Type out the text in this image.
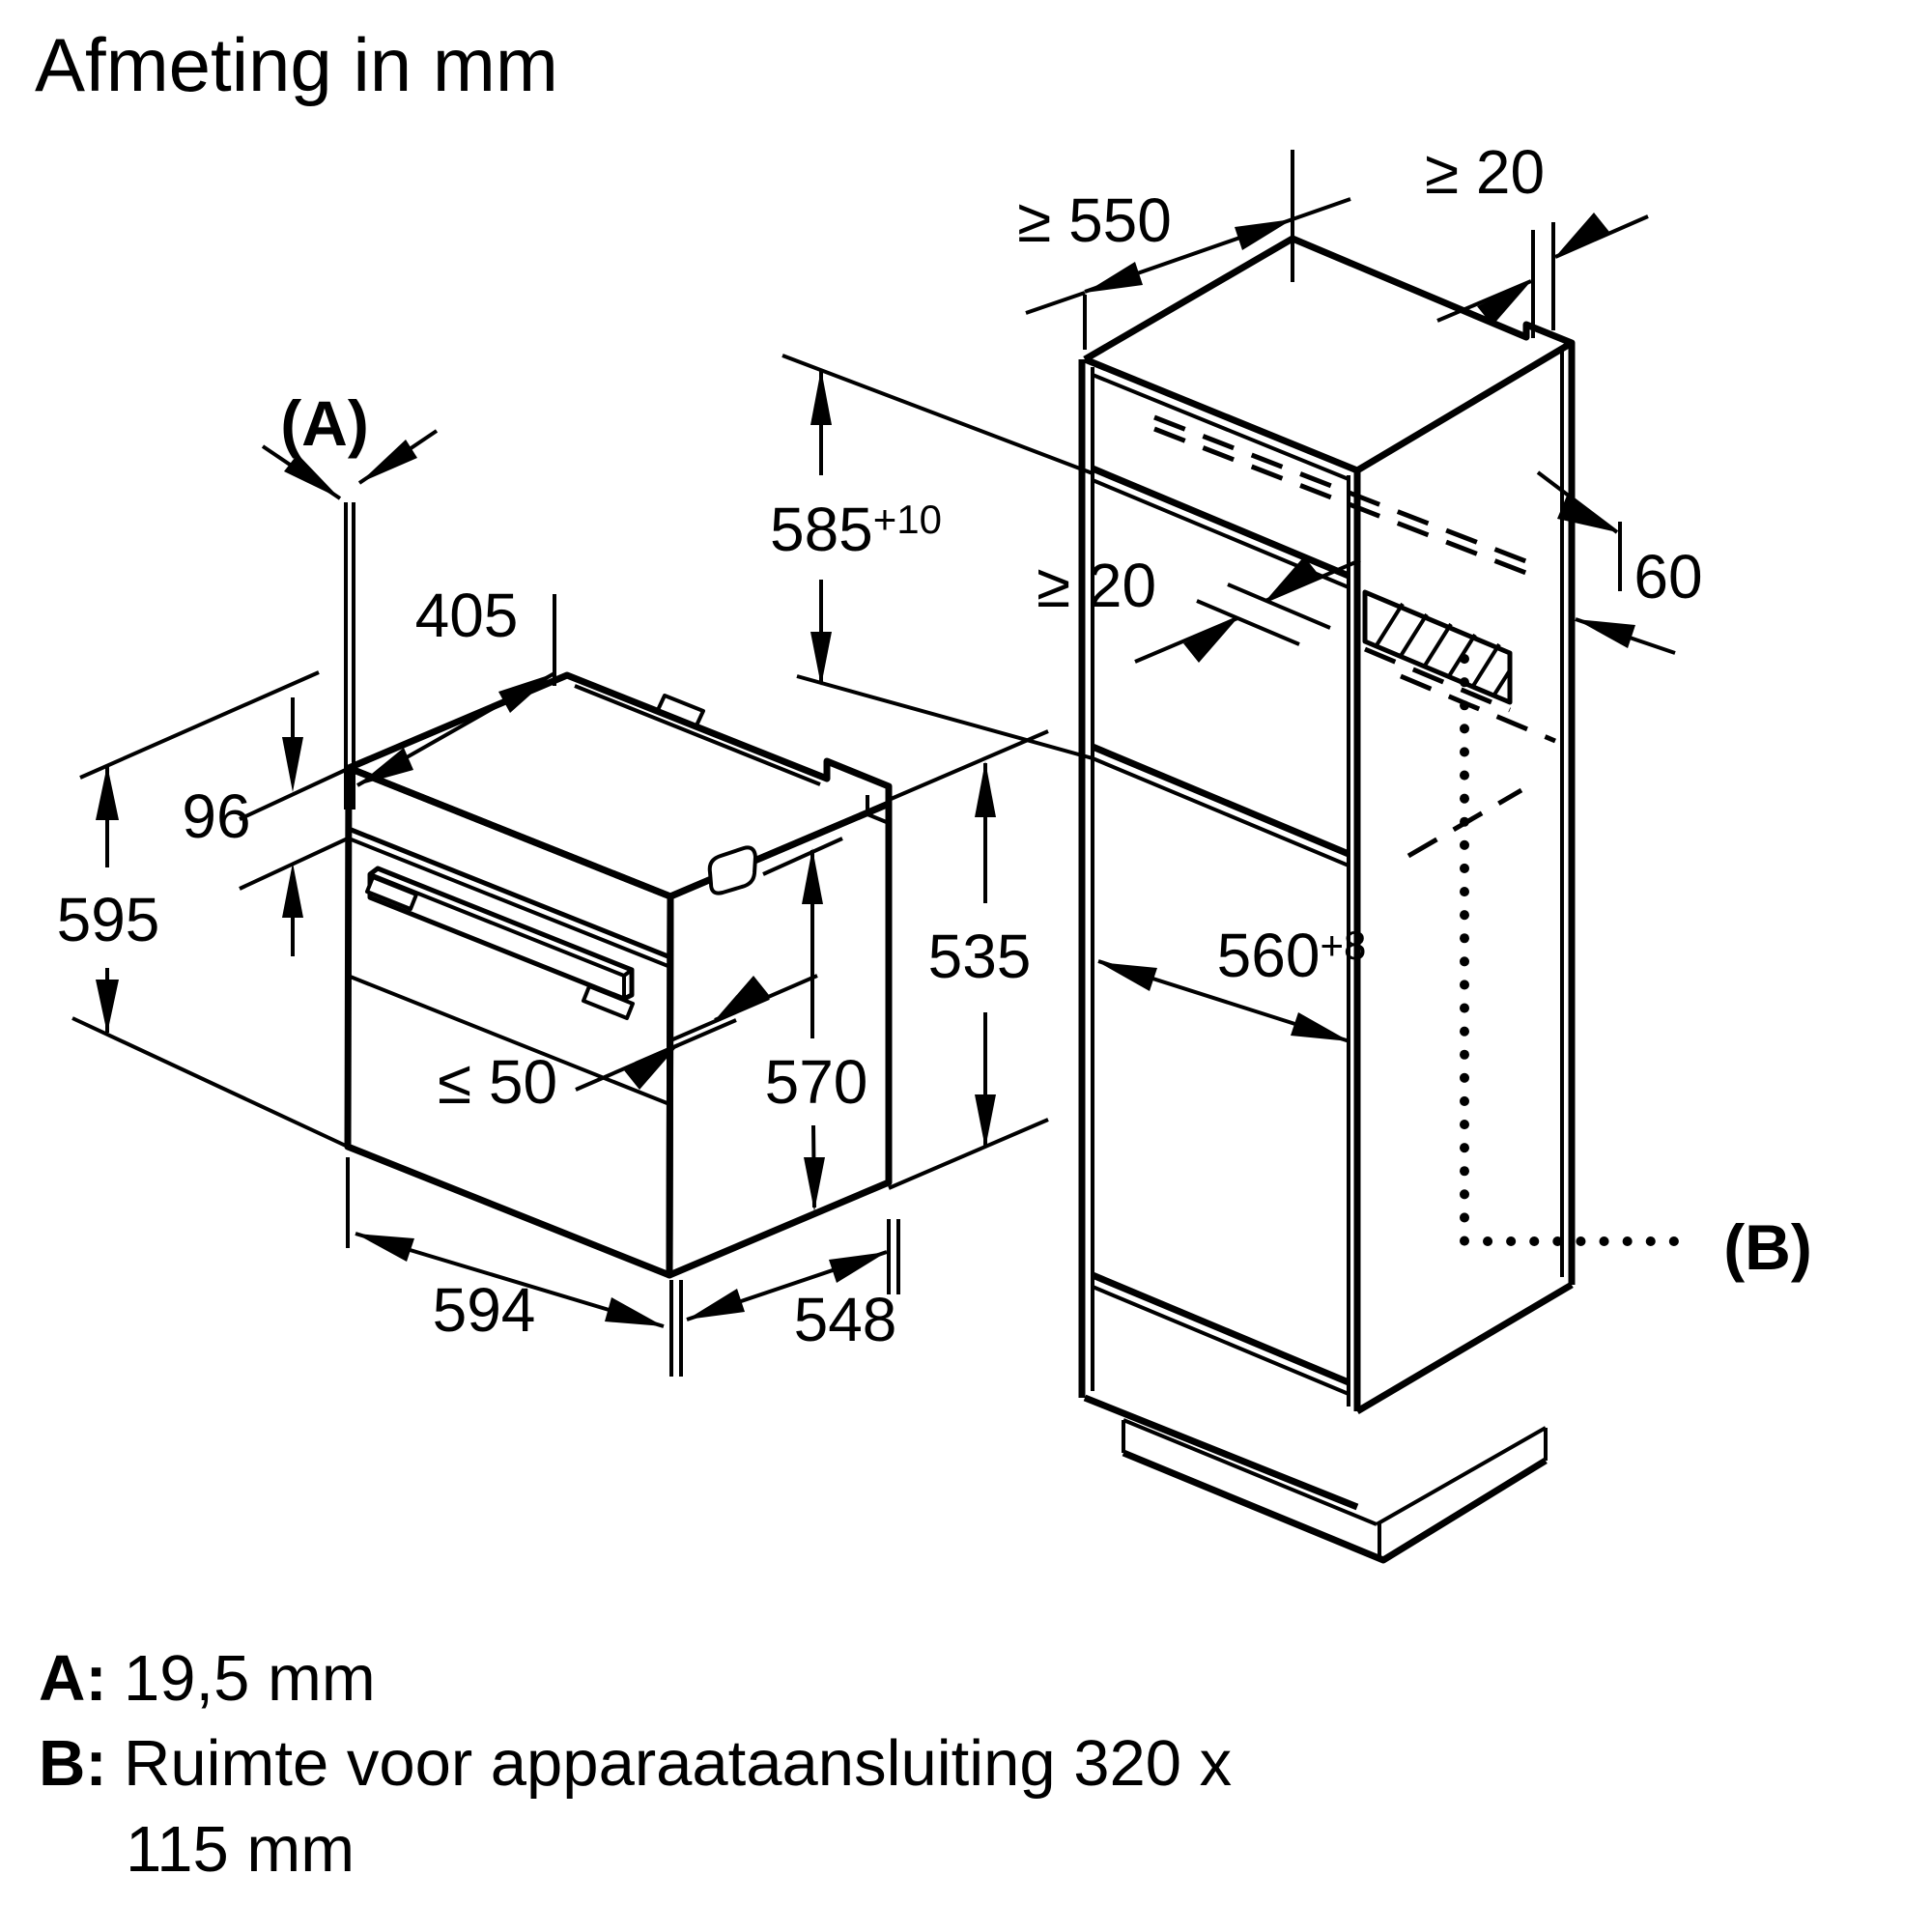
Afmeting in mm
(A)
405
96
595
≤ 50	570
535
594	548
≥ 550
≥ 20
$585^{+10}$
≥ 20	60
$560^{+8}$
(B)
A: 19,5 mm
B: Ruimte voor apparaataansluiting 320 x
115 mm
